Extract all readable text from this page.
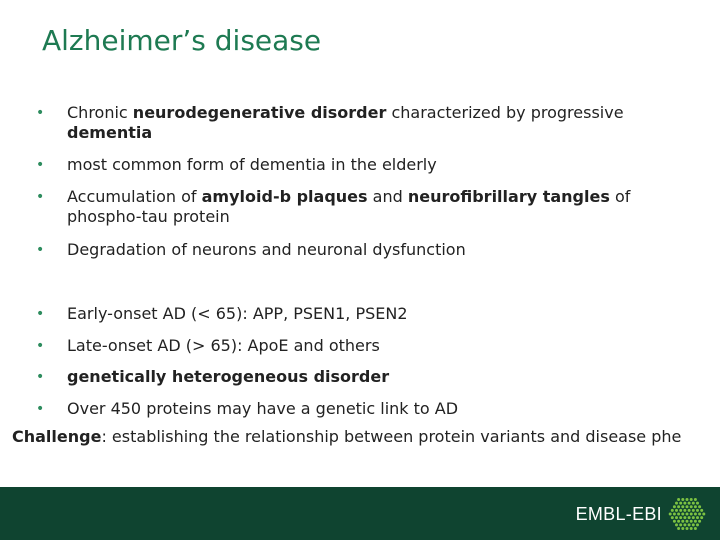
Alzheimer’s disease
• Chronic neurodegenerative disorder characterized by progressive dementia
• most common form of dementia in the elderly
• Accumulation of amyloid-b plaques and neurofibrillary tangles of phospho-tau protein
• Degradation of neurons and neuronal dysfunction
• Early-onset AD (< 65): APP, PSEN1, PSEN2
• Late-onset AD (> 65): ApoE and others
• genetically heterogeneous disorder
• Over 450 proteins may have a genetic link to AD
Challenge: establishing the relationship between protein variants and disease phe
EMBL-EBI
